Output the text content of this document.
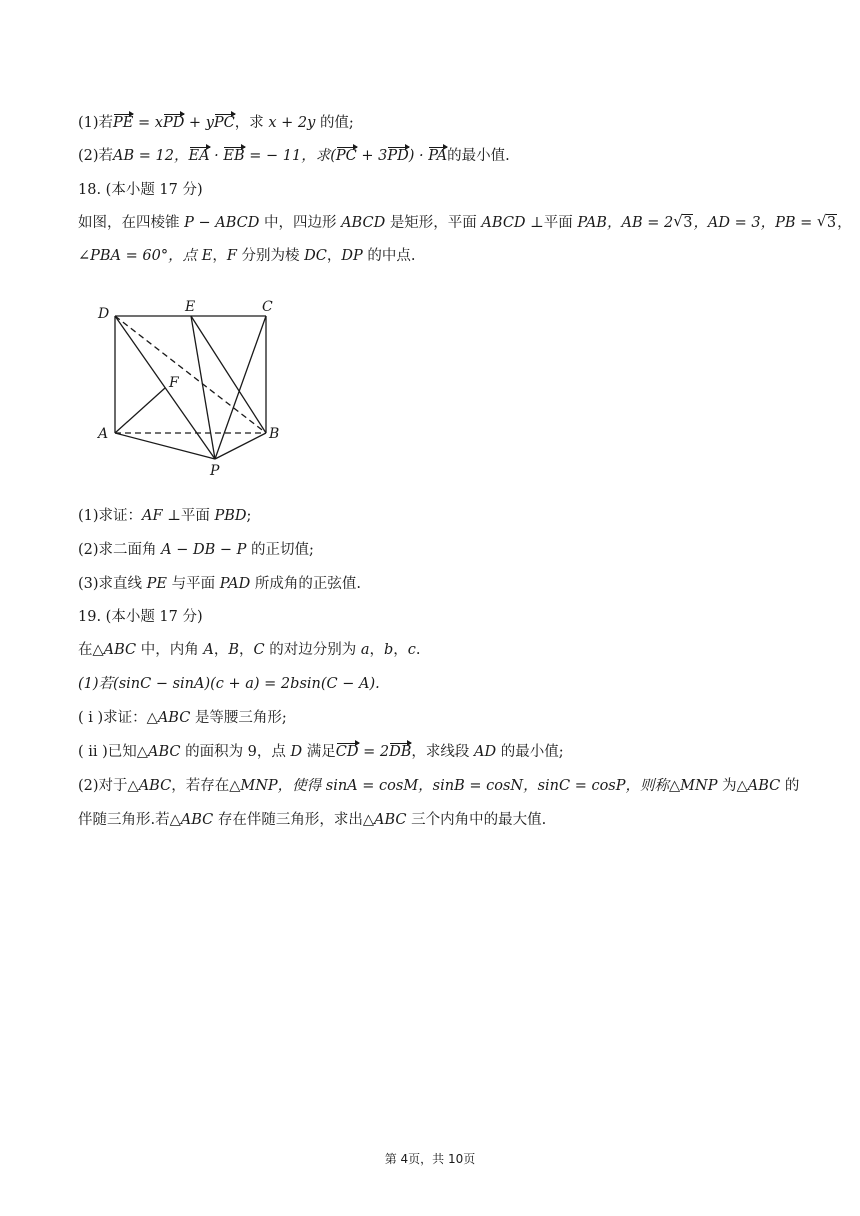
(1)若PE = xPD + yPC，求 x + 2y 的值;
(2)若AB = 12，EA · EB = − 11，求(PC + 3PD) · PA的最小值.
18. (本小题 17 分)
如图，在四棱锥 P − ABCD 中，四边形 ABCD 是矩形，平面 ABCD ⊥平面 PAB，AB = 2 √ 3，AD = 3，PB = √ 3，
∠PBA = 60°，点 E，F 分别为棱 DC，DP 的中点.
D	E	C
F
A	B
P
(1)求证：AF ⊥平面 PBD;
(2)求二面角 A − DB − P 的正切值;
(3)求直线 PE 与平面 PAD 所成角的正弦值.
19. (本小题 17 分)
在△ABC 中，内角 A，B，C 的对边分别为 a，b，c.
(1)若(sinC − sinA)(c + a) = 2bsin(C − A).
( ⅰ )求证：△ABC 是等腰三角形;
( ⅱ )已知△ABC 的面积为 9，点 D 满足CD = 2DB，求线段 AD 的最小值;
(2)对于△ABC，若存在△MNP，使得 sinA = cosM，sinB = cosN，sinC = cosP，则称△MNP 为△ABC 的
伴随三角形.若△ABC 存在伴随三角形，求出△ABC 三个内角中的最大值.
第 4页，共 10页
